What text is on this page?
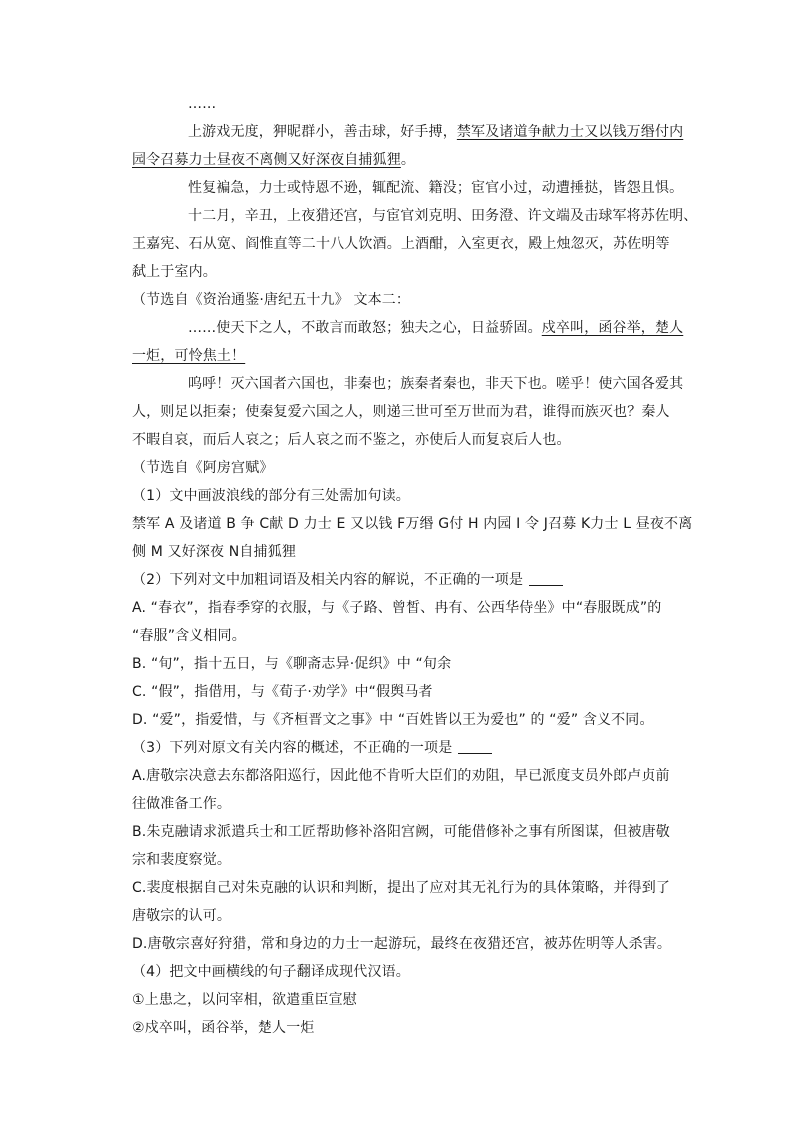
……
上游戏无度，狎昵群小，善击球，好手搏，禁军及诸道争献力士又以钱万缗付内
园令召募力士昼夜不离侧又好深夜自捕狐狸。
性复褊急，力士或恃恩不逊，辄配流、籍没；宦官小过，动遭捶挞，皆怨且惧。
十二月，辛丑，上夜猎还宫，与宦官刘克明、田务澄、许文端及击球军将苏佐明、
王嘉宪、石从宽、阎惟直等二十八人饮酒。上酒酣，入室更衣，殿上烛忽灭，苏佐明等
弑上于室内。
（节选自《资治通鉴·唐纪五十九》 文本二：
……使天下之人，不敢言而敢怒；独夫之心，日益骄固。戍卒叫，函谷举，楚人
一炬，可怜焦土！
呜呼！灭六国者六国也，非秦也；族秦者秦也，非天下也。嗟乎！使六国各爱其
人，则足以拒秦；使秦复爱六国之人，则递三世可至万世而为君，谁得而族灭也？秦人
不暇自哀，而后人哀之；后人哀之而不鉴之，亦使后人而复哀后人也。
（节选自《阿房宫赋》
（1）文中画波浪线的部分有三处需加句读。
禁军 A 及诸道 B 争 C献 D 力士 E 又以钱 F万缗 G付 H 内园 I 令 J召募 K力士 L 昼夜不离
侧 M 又好深夜 N自捕狐狸
（2）下列对文中加粗词语及相关内容的解说，不正确的一项是
A. “春衣”，指春季穿的衣服，与《子路、曾皙、冉有、公西华侍坐》中“春服既成”的
“春服”含义相同。
B. “旬”，指十五日，与《聊斋志异·促织》中 “旬余
C. “假”，指借用，与《荀子·劝学》中“假舆马者
D. “爱”，指爱惜，与《齐桓晋文之事》中 “百姓皆以王为爱也” 的 “爱” 含义不同。
（3）下列对原文有关内容的概述，不正确的一项是
A.唐敬宗决意去东都洛阳巡行，因此他不肯听大臣们的劝阻，早已派度支员外郎卢贞前
往做准备工作。
B.朱克融请求派遣兵士和工匠帮助修补洛阳宫阙，可能借修补之事有所图谋，但被唐敬
宗和裴度察觉。
C.裴度根据自己对朱克融的认识和判断，提出了应对其无礼行为的具体策略，并得到了
唐敬宗的认可。
D.唐敬宗喜好狩猎，常和身边的力士一起游玩，最终在夜猎还宫，被苏佐明等人杀害。
（4）把文中画横线的句子翻译成现代汉语。
①上患之，以问宰相，欲遣重臣宣慰
②戍卒叫，函谷举，楚人一炬
